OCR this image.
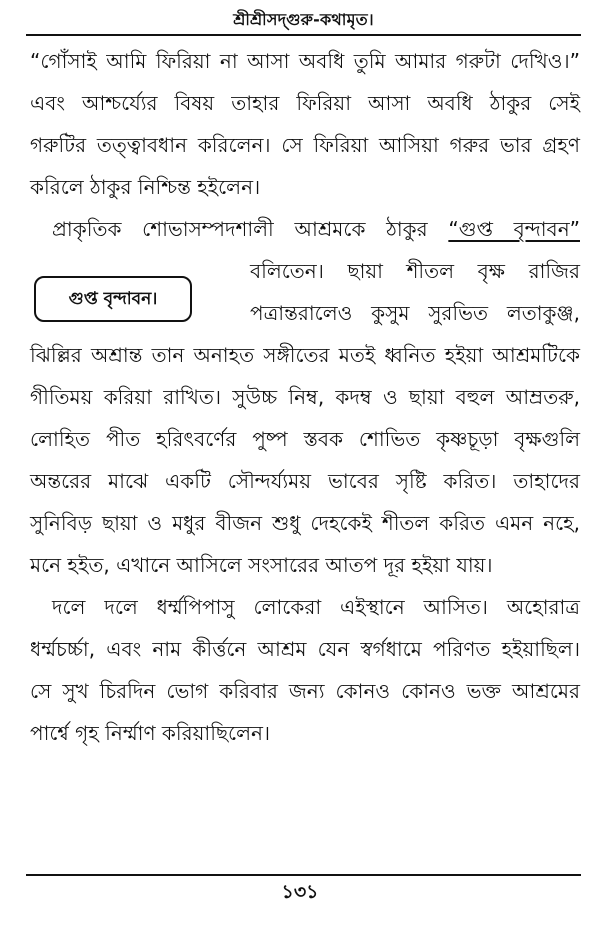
শ্রীশ্রীসদ্‌গুরু-কথামৃত।
“গোঁসাই আমি ফিরিয়া না আসা অবধি তুমি আমার গরুটা দেখিও।”
এবং আশ্চর্য্যের বিষয় তাহার ফিরিয়া আসা অবধি ঠাকুর সেই
গরুটির তত্ত্বাবধান করিলেন। সে ফিরিয়া আসিয়া গরুর ভার গ্রহণ
করিলে ঠাকুর নিশ্চিন্ত হইলেন।
প্রাকৃতিক শোভাসম্পদশালী আশ্রমকে ঠাকুর “গুপ্ত বৃন্দাবন”
বলিতেন। ছায়া শীতল বৃক্ষ রাজির
পত্রান্তরালেও কুসুম সুরভিত লতাকুঞ্জ,
ঝিল্লির অশ্রান্ত তান অনাহত সঙ্গীতের মতই ধ্বনিত হইয়া আশ্রমটিকে
গীতিময় করিয়া রাখিত। সুউচ্চ নিম্ব, কদম্ব ও ছায়া বহুল আম্রতরু,
লোহিত পীত হরিৎবর্ণের পুষ্প স্তবক শোভিত কৃষ্ণচূড়া বৃক্ষগুলি
অন্তরের মাঝে একটি সৌন্দর্য্যময় ভাবের সৃষ্টি করিত। তাহাদের
সুনিবিড় ছায়া ও মধুর বীজন শুধু দেহকেই শীতল করিত এমন নহে,
মনে হইত, এখানে আসিলে সংসারের আতপ দূর হইয়া যায়।
দলে দলে ধর্ম্মপিপাসু লোকেরা এইস্থানে আসিত। অহোরাত্র
ধর্ম্মচর্চ্চা, এবং নাম কীর্ত্তনে আশ্রম যেন স্বর্গধামে পরিণত হইয়াছিল।
সে সুখ চিরদিন ভোগ করিবার জন্য কোনও কোনও ভক্ত আশ্রমের
পার্শ্বে গৃহ নির্ম্মাণ করিয়াছিলেন।
গুপ্ত বৃন্দাবন।
১৩১
